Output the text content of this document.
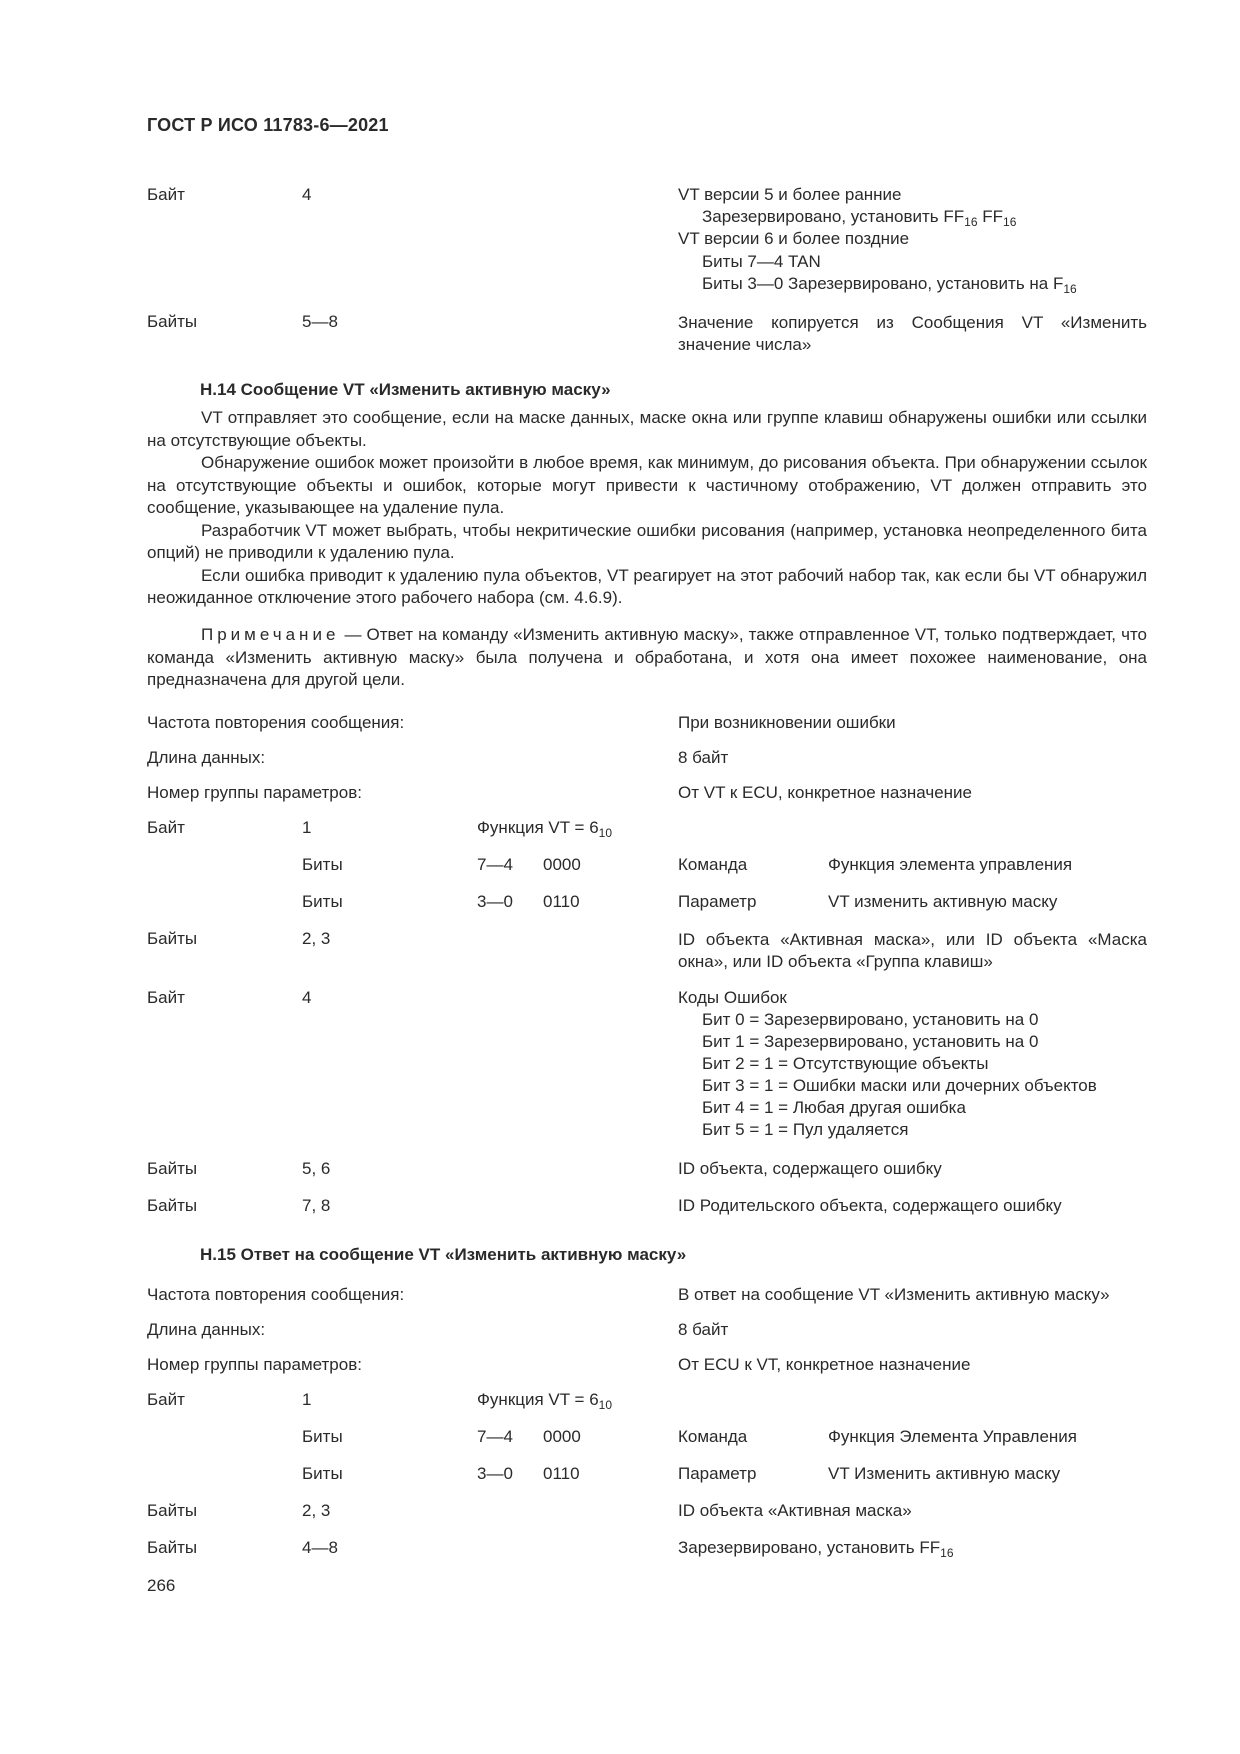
ГОСТ Р ИСО 11783-6—2021
Байт	4	VT версии 5 и более ранние
Зарезервировано, установить $FF_{16}$ $FF_{16}$
VT версии 6 и более поздние
Биты 7—4 TAN
Биты 3—0 Зарезервировано, установить на $F_{16}$
Байты	5—8	Значение копируется из Сообщения VT «Изменить значение числа»
Н.14 Сообщение VT «Изменить активную маску»

VT отправляет это сообщение, если на маске данных, маске окна или группе клавиш обнаружены ошибки или ссылки на отсутствующие объекты.

Обнаружение ошибок может произойти в любое время, как минимум, до рисования объекта. При обнаружении ссылок на отсутствующие объекты и ошибок, которые могут привести к частичному отображению, VT должен отправить это сообщение, указывающее на удаление пула.

Разработчик VT может выбрать, чтобы некритические ошибки рисования (например, установка неопределенного бита опций) не приводили к удалению пула.

Если ошибка приводит к удалению пула объектов, VT реагирует на этот рабочий набор так, как если бы VT обнаружил неожиданное отключение этого рабочего набора (см. 4.6.9).

Примечание — Ответ на команду «Изменить активную маску», также отправленное VT, только подтверждает, что команда «Изменить активную маску» была получена и обработана, и хотя она имеет похожее наименование, она предназначена для другой цели.

Частота повторения сообщения:	При возникновении ошибки
Длина данных:	8 байт
Номер группы параметров:	От VT к ECU, конкретное назначение
Байт	1	Функция VT = $6_{10}$
Биты	7—4 0000	Команда	Функция элемента управления
Биты	3—0 0110	Параметр	VT изменить активную маску
Байты	2, 3	ID объекта «Активная маска», или ID объекта «Маска окна», или ID объекта «Группа клавиш»
Байт	4	Коды Ошибок
Бит 0 = Зарезервировано, установить на 0
Бит 1 = Зарезервировано, установить на 0
Бит 2 = 1 = Отсутствующие объекты
Бит 3 = 1 = Ошибки маски или дочерних объектов
Бит 4 = 1 = Любая другая ошибка
Бит 5 = 1 = Пул удаляется
Байты	5, 6	ID объекта, содержащего ошибку
Байты	7, 8	ID Родительского объекта, содержащего ошибку
Н.15 Ответ на сообщение VT «Изменить активную маску»
Частота повторения сообщения:	В ответ на сообщение VT «Изменить активную маску»
Длина данных:	8 байт
Номер группы параметров:	От ECU к VT, конкретное назначение
Байт	1	Функция VT = $6_{10}$
Биты	7—4 0000	Команда	Функция Элемента Управления
Биты	3—0 0110	Параметр	VT Изменить активную маску
Байты	2, 3	ID объекта «Активная маска»
Байты	4—8	Зарезервировано, установить $FF_{16}$
266
